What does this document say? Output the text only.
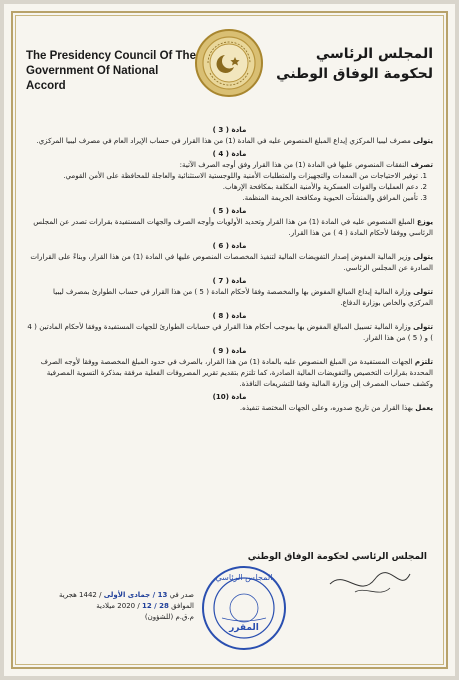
The Presidency Council Of The
Government Of National Accord
المجلس الرئاسي
لحكومة الوفاق الوطني
مادة ( 3 )

يتولى مصرف ليبيا المركزي إيداع المبلغ المنصوص عليه في المادة (1) من هذا القرار في حساب الإيراد العام في مصرف ليبيا المركزي.

مادة ( 4 )

تصرف النفقات المنصوص عليها في المادة (1) من هذا القرار وفق أوجه الصرف الآتية:

1. توفير الاحتياجات من المعدات والتجهيزات والمتطلبات الأمنية واللوجستية الاستثنائية والعاجلة للمحافظة على الأمن القومي.
2. دعم العمليات والقوات العسكرية والأمنية المكلفة بمكافحة الإرهاب.
3. تأمين المرافق والمنشآت الحيوية ومكافحة الجريمة المنظمة.
مادة ( 5 )

يوزع المبلغ المنصوص عليه في المادة (1) من هذا القرار وتحديد الأولويات وأوجه الصرف والجهات المستفيدة بقرارات تصدر عن المجلس الرئاسي ووفقا لأحكام المادة ( 4 ) من هذا القرار.

مادة ( 6 )

يتولى وزير المالية المفوض إصدار التفويضات المالية لتنفيذ المخصصات المنصوص عليها في المادة (1) من هذا القرار، وبناءً على القرارات الصادرة عن المجلس الرئاسي.

مادة ( 7 )

تتولى وزارة المالية إيداع المبالغ المفوض بها والمخصصة وفقا لأحكام المادة ( 5 ) من هذا القرار في حساب الطوارئ بمصرف ليبيا المركزي والخاص بوزارة الدفاع.

مادة ( 8 )

تتولى وزارة المالية تسييل المبالغ المفوض بها بموجب أحكام هذا القرار في حسابات الطوارئ للجهات المستفيدة ووفقا لأحكام المادتين ( 4 ) و ( 5 ) من هذا القرار.

مادة ( 9 )

تلتزم الجهات المستفيدة من المبلغ المنصوص عليه بالمادة (1) من هذا القرار، بالصرف في حدود المبلغ المخصصة ووفقا لأوجه الصرف المحددة بقرارات التخصيص والتفويضات المالية الصادرة، كما تلتزم بتقديم تقرير المصروفات الفعلية مرفقة بمذكرة التسوية المصرفية وكشف حساب المصرف إلى وزارة المالية وفقا للتشريعات النافذة.

مادة (10)

يعمل بهذا القرار من تاريخ صدوره، وعلى الجهات المختصة تنفيذه.

المجلس الرئاسي لحكومة الوفاق الوطني
المجلس الرئاسي
المقرر
صدر في 13 / جمادى الأولى / 1442 هجرية
الموافق 28 / 12 / 2020 ميلادية
م.ق.م (للشؤون)
